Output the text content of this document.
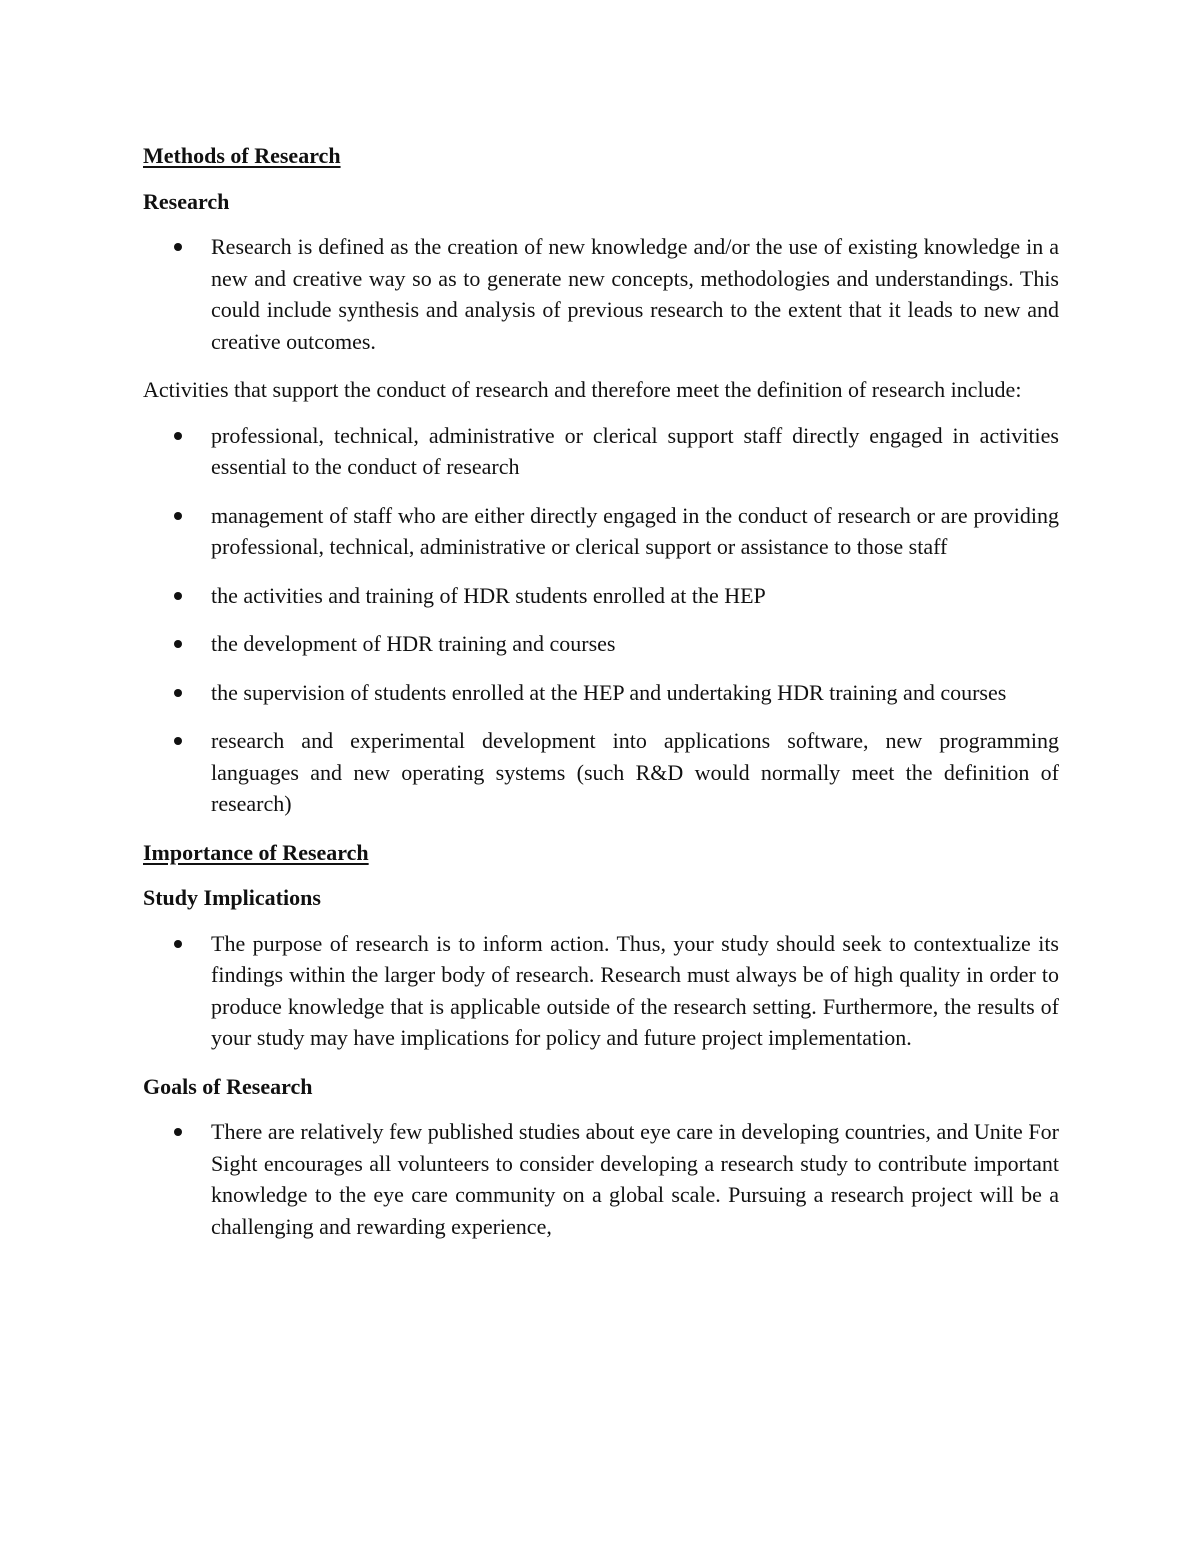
Methods of Research
Research
Research is defined as the creation of new knowledge and/or the use of existing knowledge in a new and creative way so as to generate new concepts, methodologies and understandings. This could include synthesis and analysis of previous research to the extent that it leads to new and creative outcomes.

Activities that support the conduct of research and therefore meet the definition of research include:

professional, technical, administrative or clerical support staff directly engaged in activities essential to the conduct of research
management of staff who are either directly engaged in the conduct of research or are providing professional, technical, administrative or clerical support or assistance to those staff
the activities and training of HDR students enrolled at the HEP
the development of HDR training and courses
the supervision of students enrolled at the HEP and undertaking HDR training and courses
research and experimental development into applications software, new programming languages and new operating systems (such R&D would normally meet the definition of research)
Importance of Research
Study Implications
The purpose of research is to inform action. Thus, your study should seek to contextualize its findings within the larger body of research. Research must always be of high quality in order to produce knowledge that is applicable outside of the research setting. Furthermore, the results of your study may have implications for policy and future project implementation.
Goals of Research
There are relatively few published studies about eye care in developing countries, and Unite For Sight encourages all volunteers to consider developing a research study to contribute important knowledge to the eye care community on a global scale. Pursuing a research project will be a challenging and rewarding experience,
